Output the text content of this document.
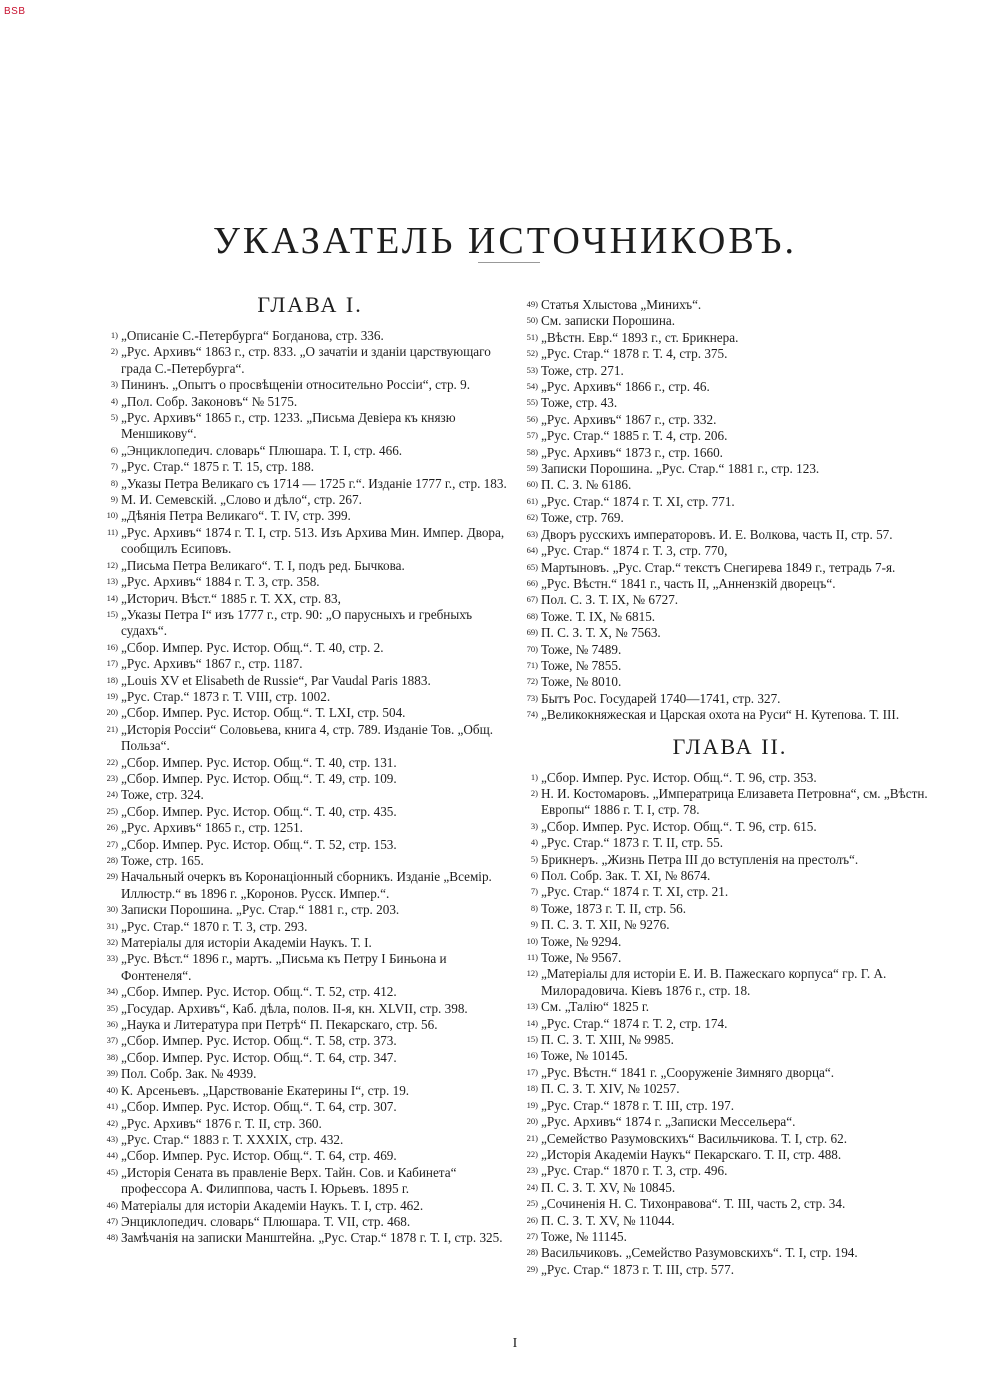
BSB
УКАЗАТЕЛЬ ИСТОЧНИКОВЪ.
ГЛАВА I.
1) „Описаніе С.-Петербурга“ Богданова, стр. 336.
2) „Рус. Архивъ“ 1863 г., стр. 833. „О зачатіи и зданіи царствующаго града С.-Петербурга“.
3) Пининъ. „Опытъ о просвѣщеніи относительно Россіи“, стр. 9.
4) „Пол. Собр. Законовъ“ № 5175.
5) „Рус. Архивъ“ 1865 г., стр. 1233. „Письма Девіера къ князю Меншикову“.
6) „Энциклопедич. словарь“ Плюшара. Т. I, стр. 466.
7) „Рус. Стар.“ 1875 г. Т. 15, стр. 188.
8) „Указы Петра Великаго съ 1714 — 1725 г.“. Изданіе 1777 г., стр. 183.
9) М. И. Семевскій. „Слово и дѣло“, стр. 267.
10) „Дѣянія Петра Великаго“. Т. IV, стр. 399.
11) „Рус. Архивъ“ 1874 г. Т. I, стр. 513. Изъ Архива Мин. Импер. Двора, сообщилъ Есиповъ.
12) „Письма Петра Великаго“. Т. I, подъ ред. Бычкова.
13) „Рус. Архивъ“ 1884 г. Т. 3, стр. 358.
14) „Историч. Вѣст.“ 1885 г. Т. XX, стр. 83,
15) „Указы Петра I“ изъ 1777 г., стр. 90: „О парусныхъ и гребныхъ судахъ“.
16) „Сбор. Импер. Рус. Истор. Общ.“. Т. 40, стр. 2.
17) „Рус. Архивъ“ 1867 г., стр. 1187.
18) „Louis XV et Elisabeth de Russie“, Par Vaudal Paris 1883.
19) „Рус. Стар.“ 1873 г. Т. VIII, стр. 1002.
20) „Сбор. Импер. Рус. Истор. Общ.“. Т. LXI, стр. 504.
21) „Исторія Россіи“ Соловьева, книга 4, стр. 789. Изданіе Тов. „Общ. Польза“.
22) „Сбор. Импер. Рус. Истор. Общ.“. Т. 40, стр. 131.
23) „Сбор. Импер. Рус. Истор. Общ.“. Т. 49, стр. 109.
24) Тоже, стр. 324.
25) „Сбор. Импер. Рус. Истор. Общ.“. Т. 40, стр. 435.
26) „Рус. Архивъ“ 1865 г., стр. 1251.
27) „Сбор. Импер. Рус. Истор. Общ.“. Т. 52, стр. 153.
28) Тоже, стр. 165.
29) Начальный очеркъ въ Коронаціонный сборникъ. Изданіе „Всемір. Иллюстр.“ въ 1896 г. „Коронов. Русск. Импер.“.
30) Записки Порошина. „Рус. Стар.“ 1881 г., стр. 203.
31) „Рус. Стар.“ 1870 г. Т. 3, стр. 293.
32) Матеріалы для исторіи Академіи Наукъ. Т. I.
33) „Рус. Вѣст.“ 1896 г., мартъ. „Письма къ Петру I Биньона и Фонтенеля“.
34) „Сбор. Импер. Рус. Истор. Общ.“. Т. 52, стр. 412.
35) „Государ. Архивъ“, Каб. дѣла, полов. II-я, кн. XLVII, стр. 398.
36) „Наука и Литература при Петрѣ“ П. Пекарскаго, стр. 56.
37) „Сбор. Импер. Рус. Истор. Общ.“. Т. 58, стр. 373.
38) „Сбор. Импер. Рус. Истор. Общ.“. Т. 64, стр. 347.
39) Пол. Собр. Зак. № 4939.
40) К. Арсеньевъ. „Царствованіе Екатерины I“, стр. 19.
41) „Сбор. Импер. Рус. Истор. Общ.“. Т. 64, стр. 307.
42) „Рус. Архивъ“ 1876 г. Т. II, стр. 360.
43) „Рус. Стар.“ 1883 г. Т. XXXIX, стр. 432.
44) „Сбор. Импер. Рус. Истор. Общ.“. Т. 64, стр. 469.
45) „Исторія Сената въ правленіе Верх. Тайн. Сов. и Кабинета“ профессора А. Филиппова, часть I. Юрьевъ. 1895 г.
46) Матеріалы для исторіи Академіи Наукъ. Т. I, стр. 462.
47) Энциклопедич. словарь“ Плюшара. Т. VII, стр. 468.
48) Замѣчанія на записки Манштейна. „Рус. Стар.“ 1878 г. Т. I, стр. 325.
49) Статья Хлыстова „Минихъ“.
50) См. записки Порошина.
51) „Вѣстн. Евр.“ 1893 г., ст. Брикнера.
52) „Рус. Стар.“ 1878 г. Т. 4, стр. 375.
53) Тоже, стр. 271.
54) „Рус. Архивъ“ 1866 г., стр. 46.
55) Тоже, стр. 43.
56) „Рус. Архивъ“ 1867 г., стр. 332.
57) „Рус. Стар.“ 1885 г. Т. 4, стр. 206.
58) „Рус. Архивъ“ 1873 г., стр. 1660.
59) Записки Порошина. „Рус. Стар.“ 1881 г., стр. 123.
60) П. С. З. № 6186.
61) „Рус. Стар.“ 1874 г. Т. XI, стр. 771.
62) Тоже, стр. 769.
63) Дворъ русскихъ императоровъ. И. Е. Волкова, часть II, стр. 57.
64) „Рус. Стар.“ 1874 г. Т. 3, стр. 770,
65) Мартыновъ. „Рус. Стар.“ текстъ Снегирева 1849 г., тетрадь 7-я.
66) „Рус. Вѣстн.“ 1841 г., часть II, „Аннензкій дворецъ“.
67) Пол. С. З. Т. IX, № 6727.
68) Тоже. Т. IX, № 6815.
69) П. С. З. Т. X, № 7563.
70) Тоже, № 7489.
71) Тоже, № 7855.
72) Тоже, № 8010.
73) Бытъ Рос. Государей 1740—1741, стр. 327.
74) „Великокняжеская и Царская охота на Руси“ Н. Кутепова. Т. III.
ГЛАВА II.
1) „Сбор. Импер. Рус. Истор. Общ.“. Т. 96, стр. 353.
2) Н. И. Костомаровъ. „Императрица Елизавета Петровна“, см. „Вѣстн. Европы“ 1886 г. Т. I, стр. 78.
3) „Сбор. Импер. Рус. Истор. Общ.“. Т. 96, стр. 615.
4) „Рус. Стар.“ 1873 г. Т. II, стр. 55.
5) Брикнеръ. „Жизнь Петра III до вступленія на престолъ“.
6) Пол. Собр. Зак. Т. XI, № 8674.
7) „Рус. Стар.“ 1874 г. Т. XI, стр. 21.
8) Тоже, 1873 г. Т. II, стр. 56.
9) П. С. З. Т. XII, № 9276.
10) Тоже, № 9294.
11) Тоже, № 9567.
12) „Матеріалы для исторіи Е. И. В. Пажескаго корпуса“ гр. Г. А. Милорадовича. Кіевъ 1876 г., стр. 18.
13) См. „Талію“ 1825 г.
14) „Рус. Стар.“ 1874 г. Т. 2, стр. 174.
15) П. С. З. Т. XIII, № 9985.
16) Тоже, № 10145.
17) „Рус. Вѣстн.“ 1841 г. „Сооруженіе Зимняго дворца“.
18) П. С. З. Т. XIV, № 10257.
19) „Рус. Стар.“ 1878 г. Т. III, стр. 197.
20) „Рус. Архивъ“ 1874 г. „Записки Мессельера“.
21) „Семейство Разумовскихъ“ Васильчикова. Т. I, стр. 62.
22) „Исторія Академіи Наукъ“ Пекарскаго. Т. II, стр. 488.
23) „Рус. Стар.“ 1870 г. Т. 3, стр. 496.
24) П. С. З. Т. XV, № 10845.
25) „Сочиненія Н. С. Тихонравова“. Т. III, часть 2, стр. 34.
26) П. С. З. Т. XV, № 11044.
27) Тоже, № 11145.
28) Васильчиковъ. „Семейство Разумовскихъ“. Т. I, стр. 194.
29) „Рус. Стар.“ 1873 г. Т. III, стр. 577.
I
